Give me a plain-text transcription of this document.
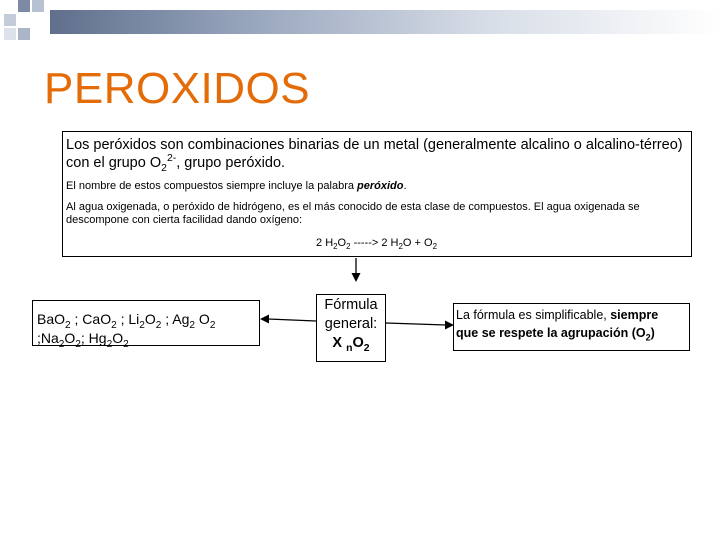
PEROXIDOS
Los peróxidos son combinaciones binarias de un metal (generalmente alcalino o alcalino-térreo) con el grupo $O_2^{2-}$, grupo peróxido.
El nombre de estos compuestos siempre incluye la palabra peróxido.
Al agua oxigenada, o peróxido de hidrógeno, es el más conocido de esta clase de compuestos. El agua oxigenada se descompone con cierta facilidad dando oxígeno:
2 $H_2O_2$ -----> 2 $H_2O + O_2$
BaO$_2$ ; CaO$_2$ ; $Li_2O_2$ ; $Ag_2$ $O_2$
$;Na_2O_2$; $Hg_2O_2$
Fórmula
general:
X $_nO_2$
La fórmula es simplificable, siempre
que se respete la agrupación $(O_2)$
